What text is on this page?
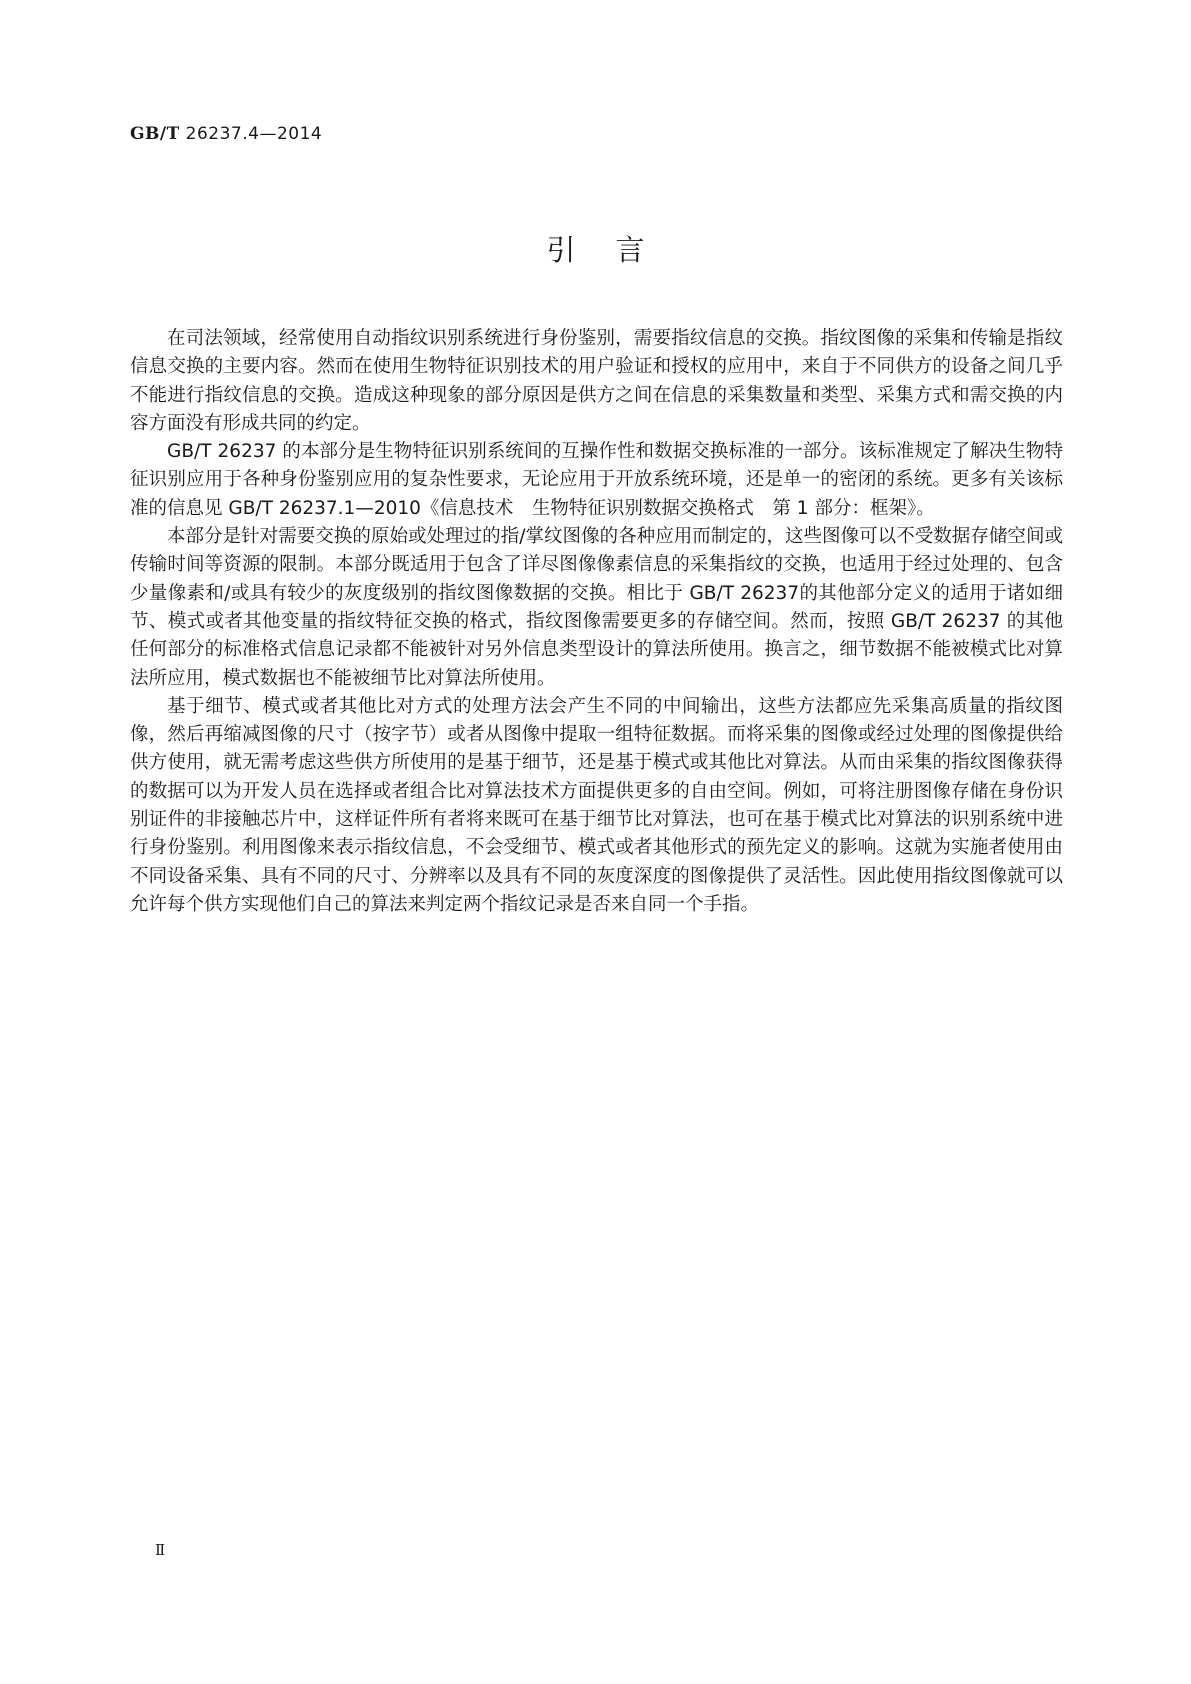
GB/T 26237.4—2014
引言

在司法领域，经常使用自动指纹识别系统进行身份鉴别，需要指纹信息的交换。指纹图像的采集和传输是指纹信息交换的主要内容。然而在使用生物特征识别技术的用户验证和授权的应用中，来自于不同供方的设备之间几乎不能进行指纹信息的交换。造成这种现象的部分原因是供方之间在信息的采集数量和类型、采集方式和需交换的内容方面没有形成共同的约定。

GB/T 26237 的本部分是生物特征识别系统间的互操作性和数据交换标准的一部分。该标准规定了解决生物特征识别应用于各种身份鉴别应用的复杂性要求，无论应用于开放系统环境，还是单一的密闭的系统。更多有关该标准的信息见 GB/T 26237.1—2010《信息技术　生物特征识别数据交换格式　第 1 部分：框架》。

本部分是针对需要交换的原始或处理过的指/掌纹图像的各种应用而制定的，这些图像可以不受数据存储空间或传输时间等资源的限制。本部分既适用于包含了详尽图像像素信息的采集指纹的交换，也适用于经过处理的、包含少量像素和/或具有较少的灰度级别的指纹图像数据的交换。相比于 GB/T 26237的其他部分定义的适用于诸如细节、模式或者其他变量的指纹特征交换的格式，指纹图像需要更多的存储空间。然而，按照 GB/T 26237 的其他任何部分的标准格式信息记录都不能被针对另外信息类型设计的算法所使用。换言之，细节数据不能被模式比对算法所应用，模式数据也不能被细节比对算法所使用。

基于细节、模式或者其他比对方式的处理方法会产生不同的中间输出，这些方法都应先采集高质量的指纹图像，然后再缩减图像的尺寸（按字节）或者从图像中提取一组特征数据。而将采集的图像或经过处理的图像提供给供方使用，就无需考虑这些供方所使用的是基于细节，还是基于模式或其他比对算法。从而由采集的指纹图像获得的数据可以为开发人员在选择或者组合比对算法技术方面提供更多的自由空间。例如，可将注册图像存储在身份识别证件的非接触芯片中，这样证件所有者将来既可在基于细节比对算法，也可在基于模式比对算法的识别系统中进行身份鉴别。利用图像来表示指纹信息，不会受细节、模式或者其他形式的预先定义的影响。这就为实施者使用由不同设备采集、具有不同的尺寸、分辨率以及具有不同的灰度深度的图像提供了灵活性。因此使用指纹图像就可以允许每个供方实现他们自己的算法来判定两个指纹记录是否来自同一个手指。

Ⅱ
